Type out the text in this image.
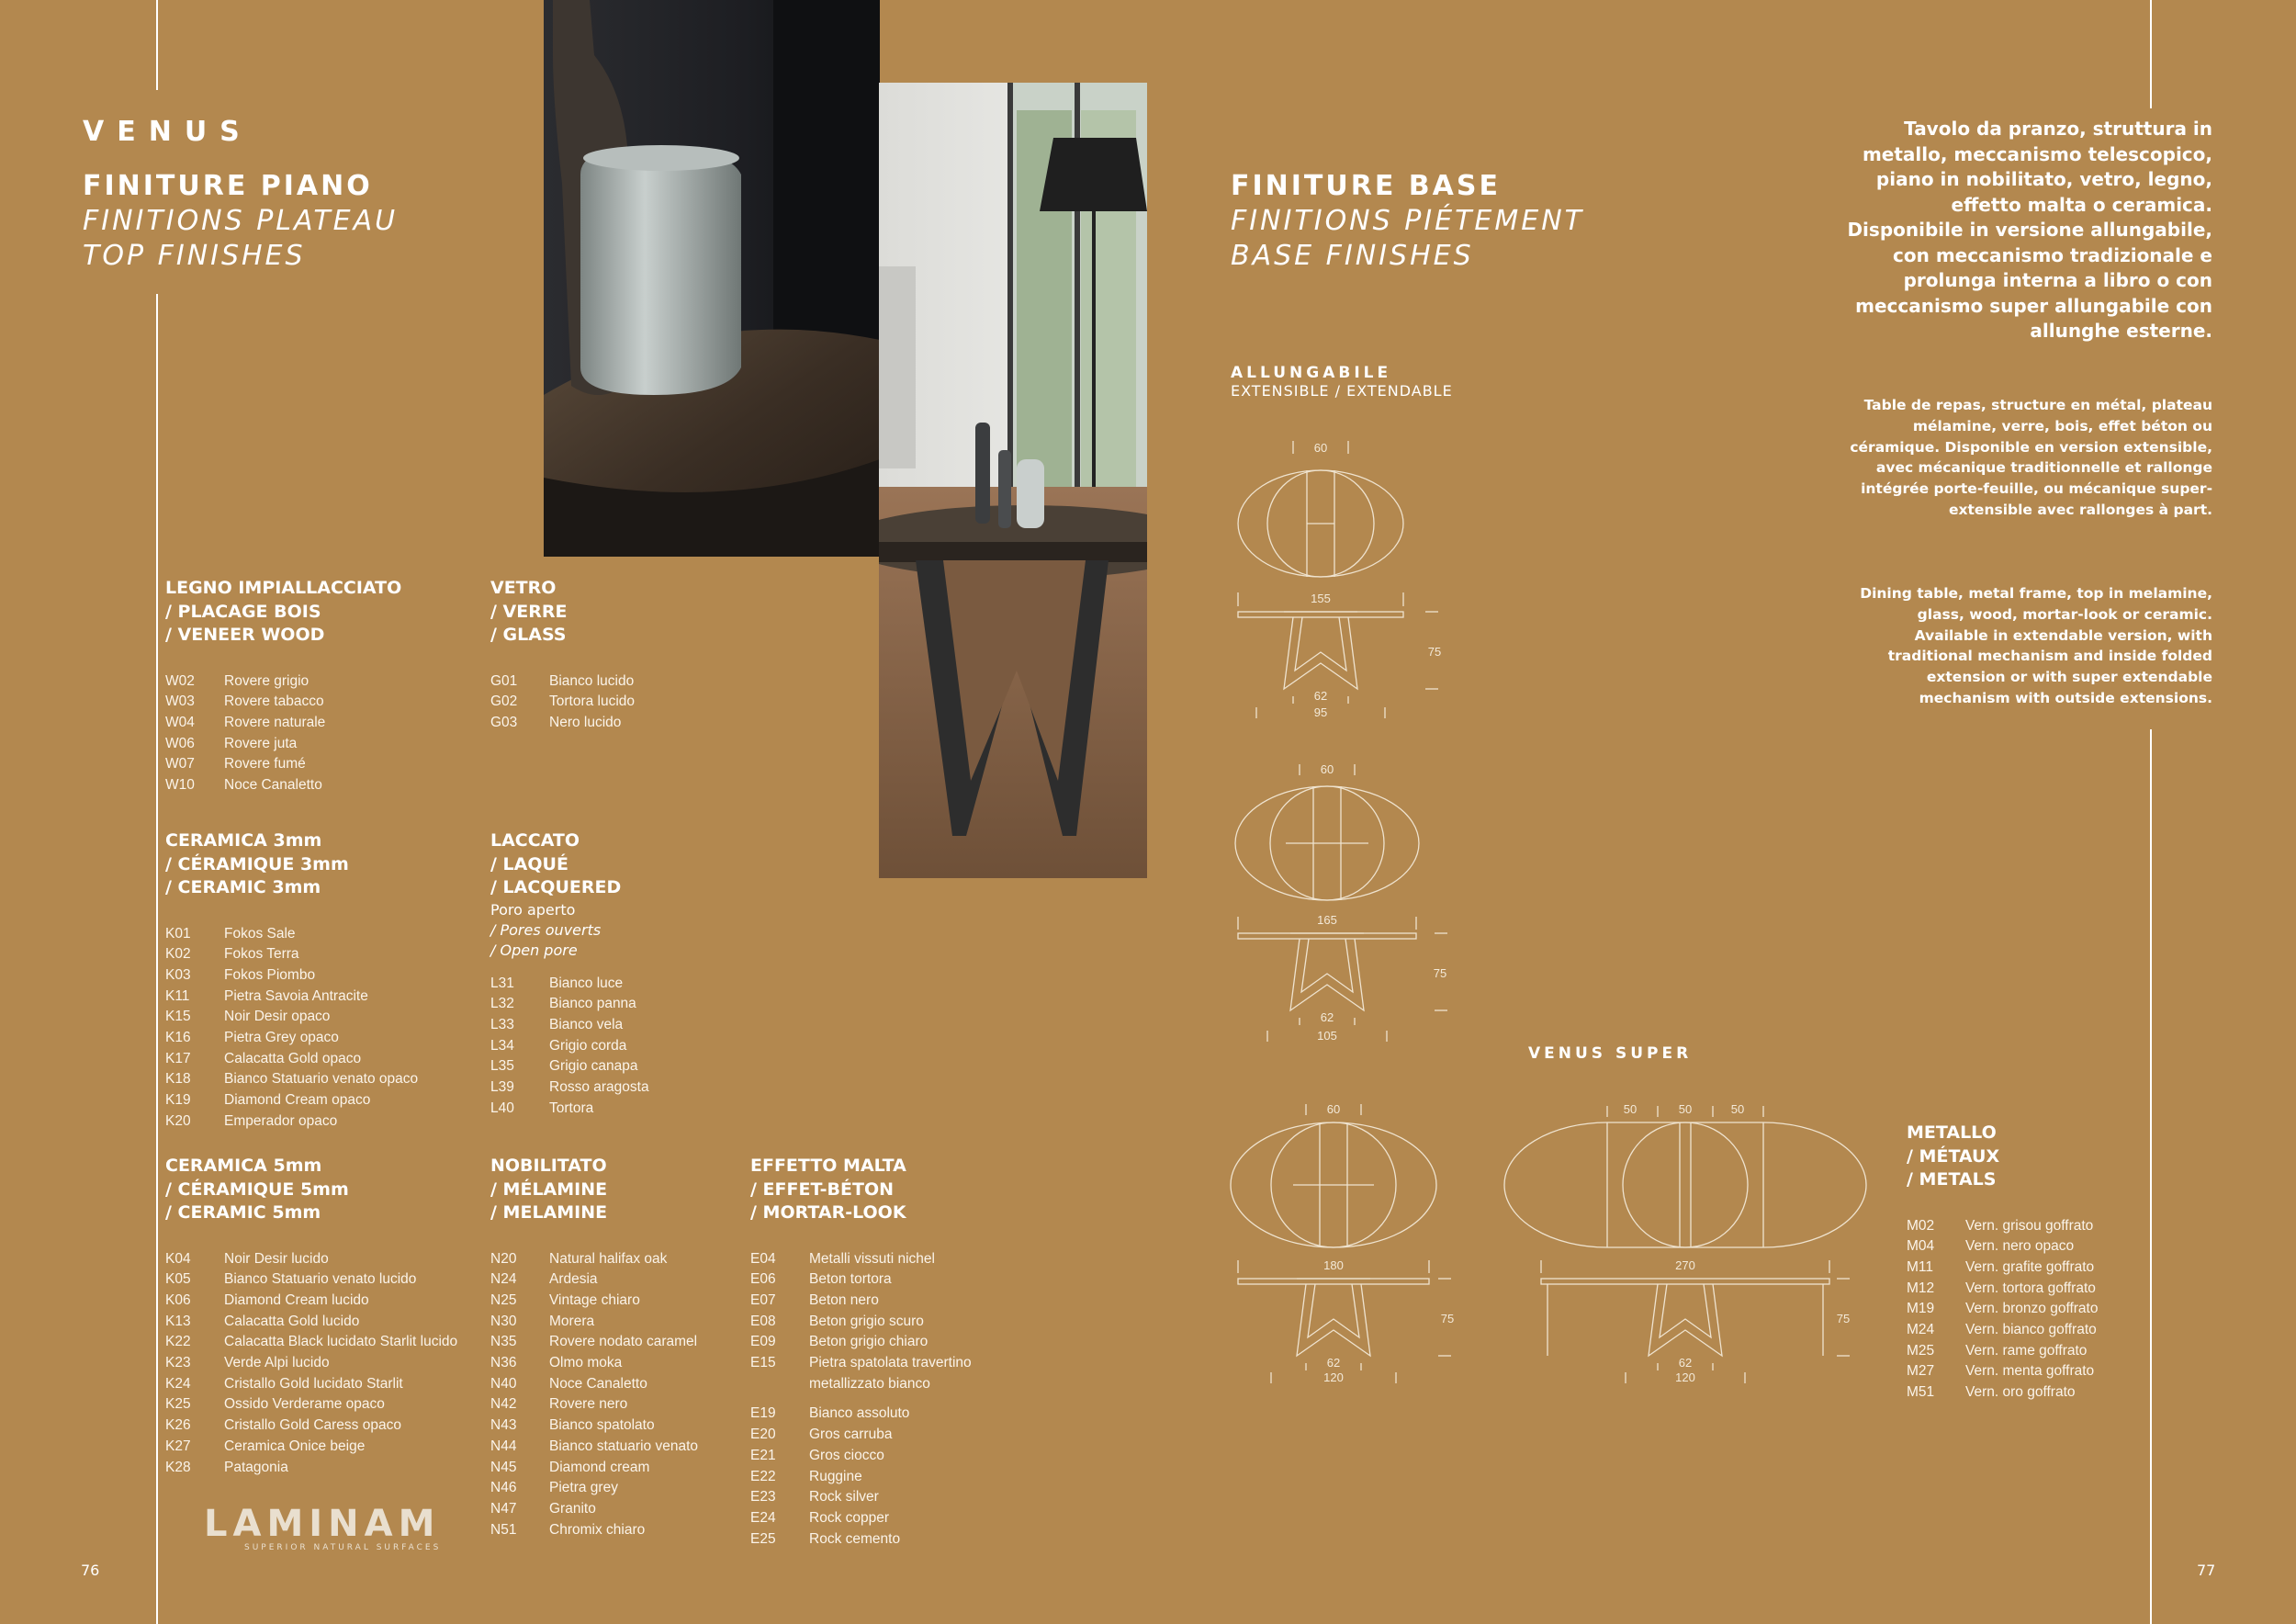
VENUS
FINITURE PIANO
FINITIONS PLATEAU
TOP FINISHES
LEGNO IMPIALLACCIATO
/ PLACAGE BOIS
/ VENEER WOOD
W02	Rovere grigio
W03	Rovere tabacco
W04	Rovere naturale
W06	Rovere juta
W07	Rovere fumé
W10	Noce Canaletto
VETRO
/ VERRE
/ GLASS
G01	Bianco lucido
G02	Tortora lucido
G03	Nero lucido
CERAMICA 3mm
/ CÉRAMIQUE 3mm
/ CERAMIC 3mm
K01	Fokos Sale
K02	Fokos Terra
K03	Fokos Piombo
K11	Pietra Savoia Antracite
K15	Noir Desir opaco
K16	Pietra Grey opaco
K17	Calacatta Gold opaco
K18	Bianco Statuario venato opaco
K19	Diamond Cream opaco
K20	Emperador opaco
LACCATO
/ LAQUÉ
/ LACQUERED
Poro aperto
/ Pores ouverts
/ Open pore
L31	Bianco luce
L32	Bianco panna
L33	Bianco vela
L34	Grigio corda
L35	Grigio canapa
L39	Rosso aragosta
L40	Tortora
CERAMICA 5mm
/ CÉRAMIQUE 5mm
/ CERAMIC 5mm
K04	Noir Desir lucido
K05	Bianco Statuario venato lucido
K06	Diamond Cream lucido
K13	Calacatta Gold lucido
K22	Calacatta Black lucidato Starlit lucido
K23	Verde Alpi lucido
K24	Cristallo Gold lucidato Starlit
K25	Ossido Verderame opaco
K26	Cristallo Gold Caress opaco
K27	Ceramica Onice beige
K28	Patagonia
NOBILITATO
/ MÉLAMINE
/ MELAMINE
N20	Natural halifax oak
N24	Ardesia
N25	Vintage chiaro
N30	Morera
N35	Rovere nodato caramel
N36	Olmo moka
N40	Noce Canaletto
N42	Rovere nero
N43	Bianco spatolato
N44	Bianco statuario venato
N45	Diamond cream
N46	Pietra grey
N47	Granito
N51	Chromix chiaro
EFFETTO MALTA
/ EFFET-BÉTON
/ MORTAR-LOOK
E04	Metalli vissuti nichel
E06	Beton tortora
E07	Beton nero
E08	Beton grigio scuro
E09	Beton grigio chiaro
E15	Pietra spatolata travertino
metallizzato bianco
E19	Bianco assoluto
E20	Gros carruba
E21	Gros ciocco
E22	Ruggine
E23	Rock silver
E24	Rock copper
E25	Rock cemento
LAMINAM
SUPERIOR NATURAL SURFACES
76	77
FINITURE BASE
FINITIONS PIÉTEMENT
BASE FINISHES
ALLUNGABILE
EXTENSIBLE / EXTENDABLE
VENUS SUPER
60
155
75
62
95
60
165
75
62
105
60
180
75
62
120
50	50	50
270
75
62
120
METALLO
/ MÉTAUX
/ METALS
M02	Vern. grisou goffrato
M04	Vern. nero opaco
M11	Vern. grafite goffrato
M12	Vern. tortora goffrato
M19	Vern. bronzo goffrato
M24	Vern. bianco goffrato
M25	Vern. rame goffrato
M27	Vern. menta goffrato
M51	Vern. oro goffrato
Tavolo da pranzo, struttura in metallo, meccanismo telescopico, piano in nobilitato, vetro, legno, effetto malta o ceramica. Disponibile in versione allungabile, con meccanismo tradizionale e prolunga interna a libro o con meccanismo super allungabile con allunghe esterne.
Table de repas, structure en métal, plateau mélamine, verre, bois, effet béton ou céramique. Disponible en version extensible, avec mécanique traditionnelle et rallonge intégrée porte-feuille, ou mécanique super-extensible avec rallonges à part.
Dining table, metal frame, top in melamine, glass, wood, mortar-look or ceramic. Available in extendable version, with traditional mechanism and inside folded extension or with super extendable mechanism with outside extensions.
